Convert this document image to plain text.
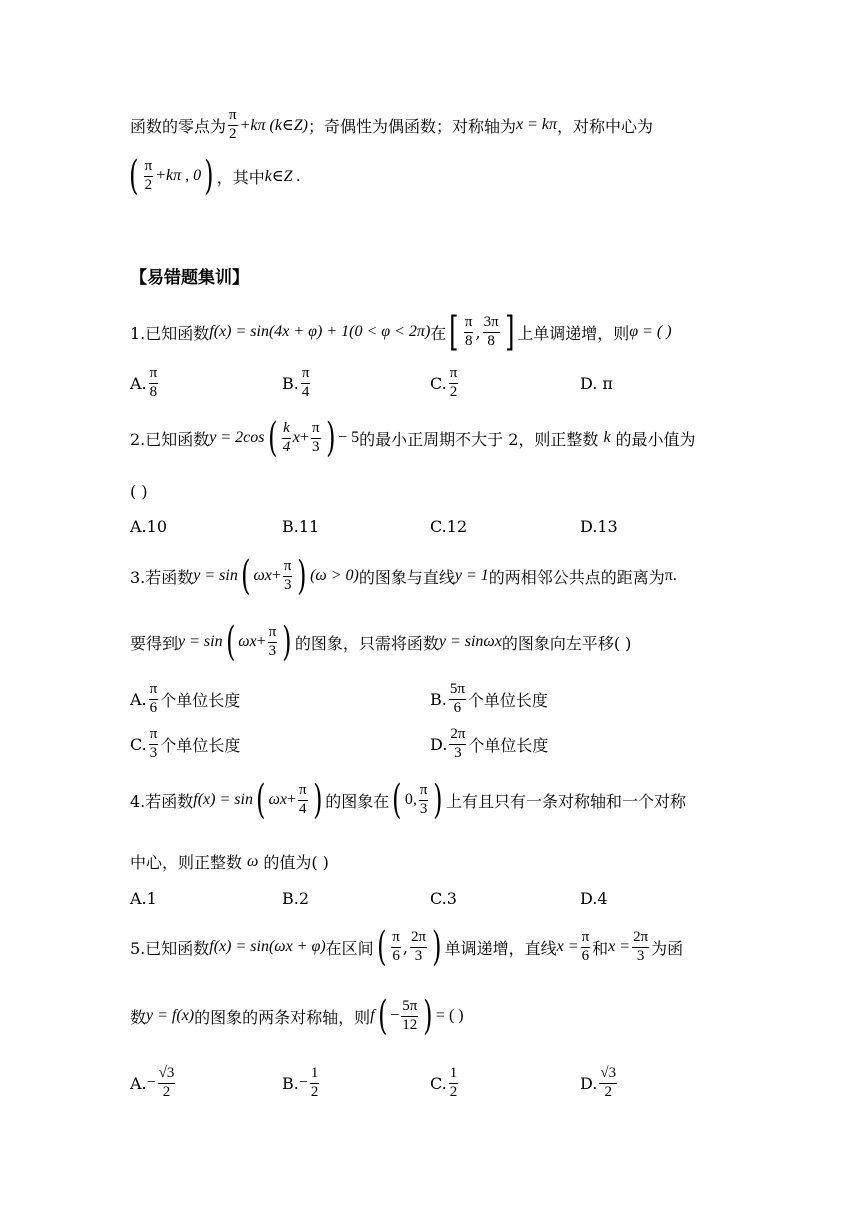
函数的零点为 $\frac{\pi}{2} +k\pi$ (k∈Z) ；奇偶性为偶函数；对称轴为 x = kπ ，对称中心为
( $\frac{\pi}{2} +k\pi$ , 0 ) ，其中 k∈Z .
【易错题集训】
1.已知函数 f(x) = sin(4x + φ) + 1(0 < φ < 2π) 在 [ $\frac{\pi}{8}$ , $\frac{3\pi}{8}$ ] 上单调递增，则 φ = ( )
A. $\frac{\pi}{8}$	B. $\frac{\pi}{4}$	C. $\frac{\pi}{2}$	D. π
2.已知函数 y = 2cos ( $\frac{k}{4}$ $x + \frac{\pi}{3}$ ) − 5 的最小正周期不大于 2，则正整数 k 的最小值为
( )
A.10	B.11	C.12	D.13
3.若函数 y = sin ( $\omega x + \frac{\pi}{3}$ ) (ω > 0) 的图象与直线 y = 1 的两相邻公共点的距离为 π.
要得到 y = sin ( $\omega x + \frac{\pi}{3}$ ) 的图象，只需将函数 y = sinωx 的图象向左平移( )
A. $\frac{\pi}{6}$ 个单位长度	B. $\frac{5\pi}{6}$ 个单位长度
C. $\frac{\pi}{3}$ 个单位长度	D. $\frac{2\pi}{3}$ 个单位长度
4.若函数 f(x) = sin ( $\omega x + \frac{\pi}{4}$ ) 的图象在 ( 0, $\frac{\pi}{3}$ ) 上有且只有一条对称轴和一个对称
中心，则正整数 ω 的值为( )
A.1	B.2	C.3	D.4
5.已知函数 f(x) = sin(ωx + φ) 在区间 ( $\frac{\pi}{6}$ , $\frac{2\pi}{3}$ ) 单调递增，直线 $x = \frac{\pi}{6}$ 和 $x = \frac{2\pi}{3}$ 为函
数 y = f(x) 的图象的两条对称轴，则 f ( − $\frac{5\pi}{12}$ ) = ( )
A. − $\frac{√3}{2}$	B. − $\frac{1}{2}$	C. $\frac{1}{2}$	D. $\frac{√3}{2}$
